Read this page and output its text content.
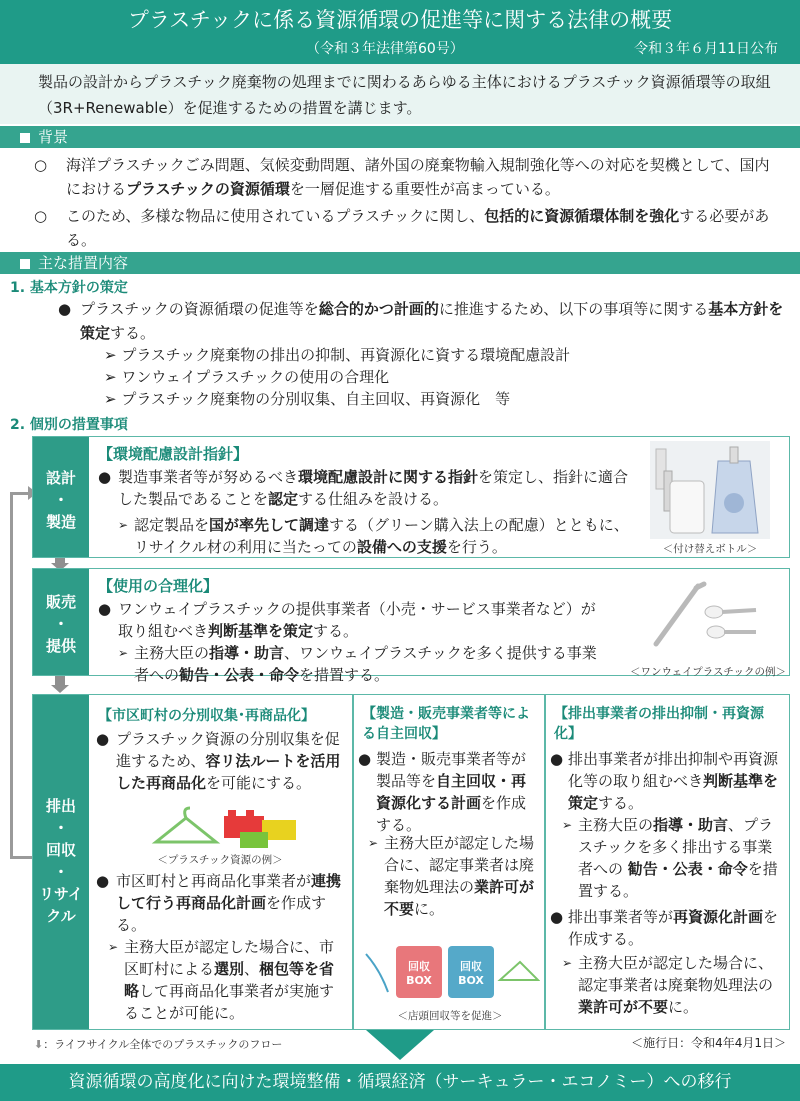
プラスチックに係る資源循環の促進等に関する法律の概要
（令和３年法律第60号）	令和３年６月11日公布
製品の設計からプラスチック廃棄物の処理までに関わるあらゆる主体におけるプラスチック資源循環等の取組（3R+Renewable）を促進するための措置を講じます。
背景
○ 海洋プラスチックごみ問題、気候変動問題、諸外国の廃棄物輸入規制強化等への対応を契機として、国内におけるプラスチックの資源循環を一層促進する重要性が高まっている。
○ このため、多様な物品に使用されているプラスチックに関し、包括的に資源循環体制を強化する必要がある。
主な措置内容
1. 基本方針の策定
● プラスチックの資源循環の促進等を総合的かつ計画的に推進するため、以下の事項等に関する基本方針を策定する。
➢ プラスチック廃棄物の排出の抑制、再資源化に資する環境配慮設計
➢ ワンウェイプラスチックの使用の合理化
➢ プラスチック廃棄物の分別収集、自主回収、再資源化　等
2. 個別の措置事項
設計
・
製造
【環境配慮設計指針】
● 製造事業者等が努めるべき環境配慮設計に関する指針を策定し、指針に適合した製品であることを認定する仕組みを設ける。
➢ 認定製品を国が率先して調達する（グリーン購入法上の配慮）とともに、リサイクル材の利用に当たっての設備への支援を行う。	＜付け替えボトル＞
販売
・
提供
【使用の合理化】
● ワンウェイプラスチックの提供事業者（小売・サービス事業者など）が取り組むべき判断基準を策定する。
➢ 主務大臣の指導・助言、ワンウェイプラスチックを多く提供する事業者への勧告・公表・命令を措置する。	＜ワンウェイプラスチックの例＞
排出
・
回収
・
リサイ
クル
【市区町村の分別収集･再商品化】
● プラスチック資源の分別収集を促進するため、容リ法ルートを活用した再商品化を可能にする。
＜プラスチック資源の例＞
● 市区町村と再商品化事業者が連携して行う再商品化計画を作成する。
➢ 主務大臣が認定した場合に、市区町村による選別、梱包等を省略して再商品化事業者が実施することが可能に。
【製造・販売事業者等による自主回収】
● 製造・販売事業者等が製品等を自主回収・再資源化する計画を作成する。
➢ 主務大臣が認定した場合に、認定事業者は廃棄物処理法の業許可が不要に。
回収BOX
回収BOX
＜店頭回収等を促進＞
【排出事業者の排出抑制・再資源化】
● 排出事業者が排出抑制や再資源化等の取り組むべき判断基準を策定する。
➢ 主務大臣の指導・助言、プラスチックを多く排出する事業者への 勧告・公表・命令を措置する。
● 排出事業者等が再資源化計画を作成する。
➢ 主務大臣が認定した場合に、認定事業者は廃棄物処理法の業許可が不要に。
⬇：ライフサイクル全体でのプラスチックのフロー	＜施行日：令和4年4月1日＞
資源循環の高度化に向けた環境整備・循環経済（サーキュラー・エコノミー）への移行
